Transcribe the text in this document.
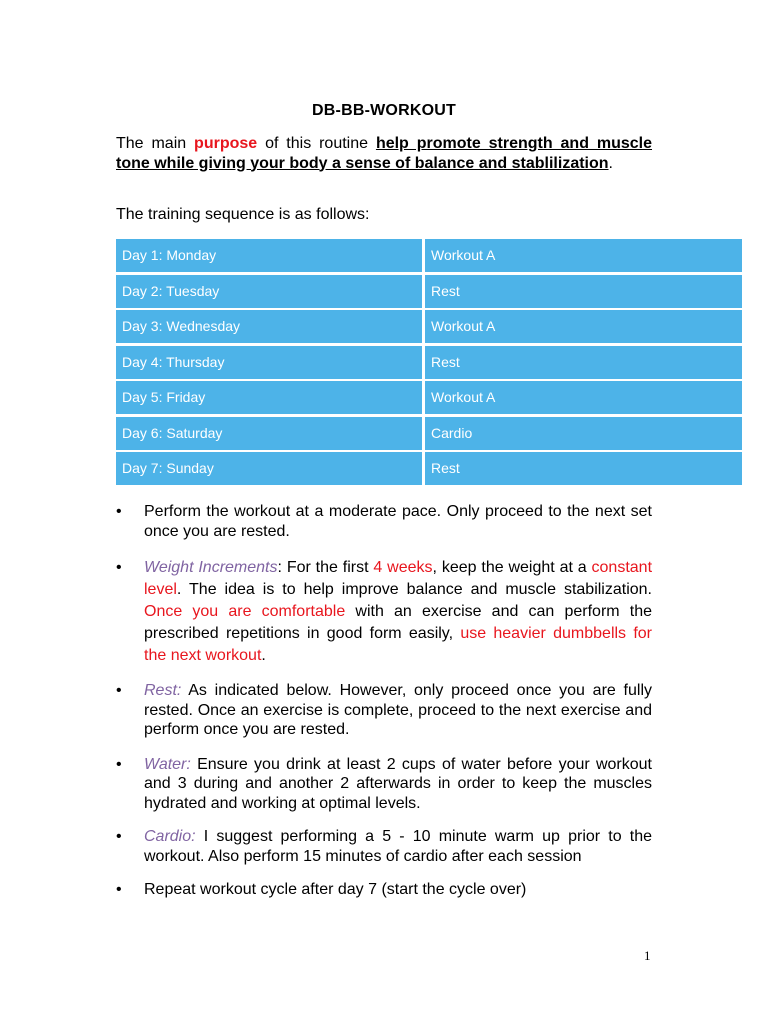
DB-BB-WORKOUT
The main purpose of this routine help promote strength and muscle tone while giving your body a sense of balance and stablilization.
The training sequence is as follows:
Day 1: Monday	Workout A
Day 2: Tuesday	Rest
Day 3: Wednesday	Workout A
Day 4: Thursday	Rest
Day 5: Friday	Workout A
Day 6: Saturday	Cardio
Day 7: Sunday	Rest
• Perform the workout at a moderate pace. Only proceed to the next set once you are rested.
• Weight Increments: For the first 4 weeks, keep the weight at a constant level. The idea is to help improve balance and muscle stabilization. Once you are comfortable with an exercise and can perform the prescribed repetitions in good form easily, use heavier dumbbells for the next workout.
• Rest: As indicated below. However, only proceed once you are fully rested. Once an exercise is complete, proceed to the next exercise and perform once you are rested.
• Water: Ensure you drink at least 2 cups of water before your workout and 3 during and another 2 afterwards in order to keep the muscles hydrated and working at optimal levels.
• Cardio: I suggest performing a 5 - 10 minute warm up prior to the workout. Also perform 15 minutes of cardio after each session
• Repeat workout cycle after day 7 (start the cycle over)
1
